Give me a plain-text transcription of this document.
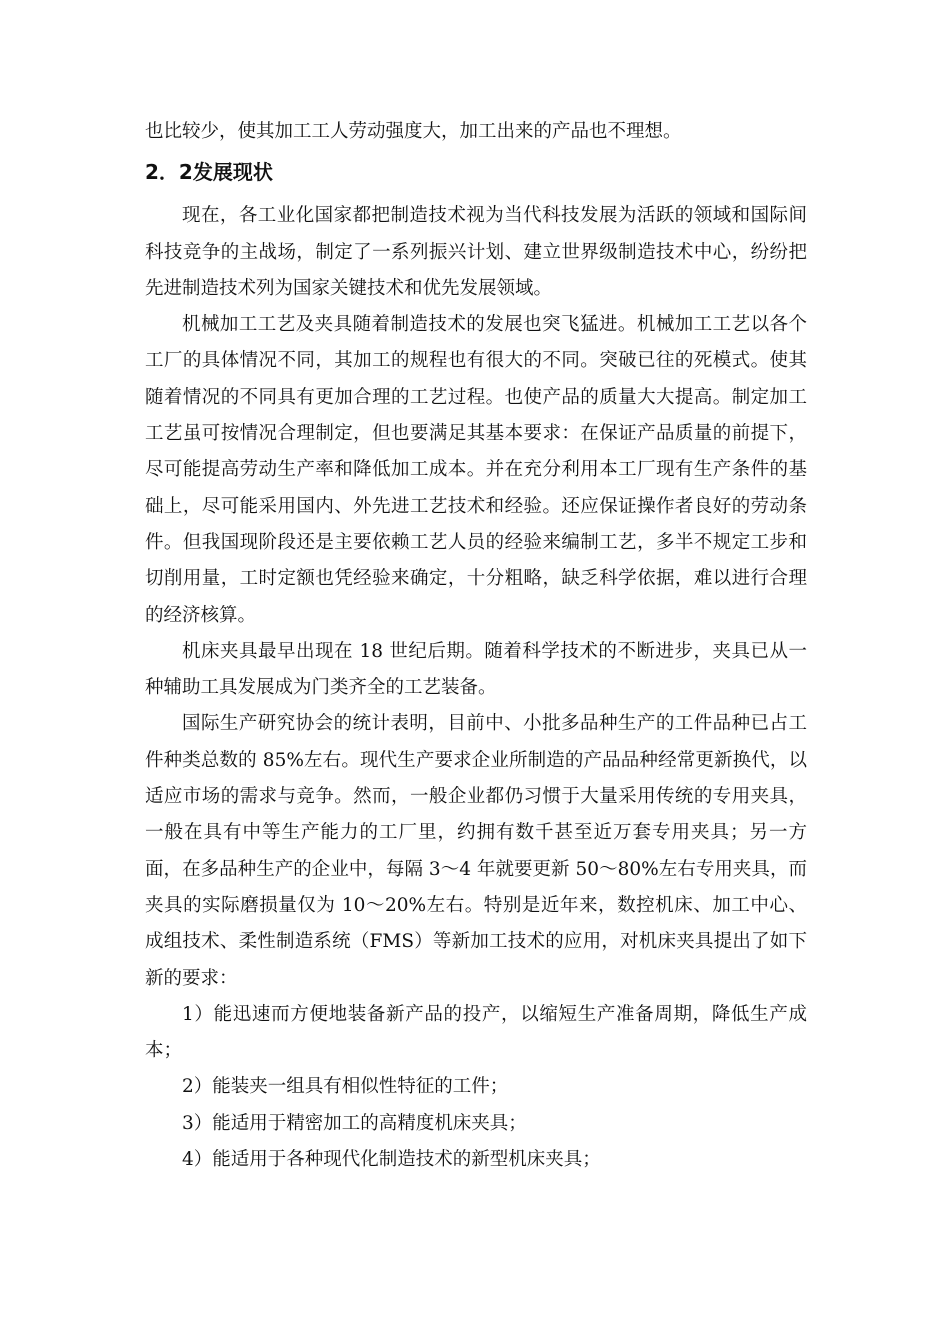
也比较少，使其加工工人劳动强度大，加工出来的产品也不理想。

2．2发展现状

现在，各工业化国家都把制造技术视为当代科技发展为活跃的领域和国际间科技竞争的主战场，制定了一系列振兴计划、建立世界级制造技术中心，纷纷把先进制造技术列为国家关键技术和优先发展领域。

机械加工工艺及夹具随着制造技术的发展也突飞猛进。机械加工工艺以各个工厂的具体情况不同，其加工的规程也有很大的不同。突破已往的死模式。使其随着情况的不同具有更加合理的工艺过程。也使产品的质量大大提高。制定加工工艺虽可按情况合理制定，但也要满足其基本要求：在保证产品质量的前提下，尽可能提高劳动生产率和降低加工成本。并在充分利用本工厂现有生产条件的基础上，尽可能采用国内、外先进工艺技术和经验。还应保证操作者良好的劳动条件。但我国现阶段还是主要依赖工艺人员的经验来编制工艺，多半不规定工步和切削用量，工时定额也凭经验来确定，十分粗略，缺乏科学依据，难以进行合理的经济核算。

机床夹具最早出现在 18 世纪后期。随着科学技术的不断进步，夹具已从一种辅助工具发展成为门类齐全的工艺装备。

国际生产研究协会的统计表明，目前中、小批多品种生产的工件品种已占工件种类总数的 85%左右。现代生产要求企业所制造的产品品种经常更新换代，以适应市场的需求与竞争。然而，一般企业都仍习惯于大量采用传统的专用夹具，一般在具有中等生产能力的工厂里，约拥有数千甚至近万套专用夹具；另一方面，在多品种生产的企业中，每隔 3～4 年就要更新 50～80%左右专用夹具，而夹具的实际磨损量仅为 10～20%左右。特别是近年来，数控机床、加工中心、成组技术、柔性制造系统（FMS）等新加工技术的应用，对机床夹具提出了如下新的要求：

1）能迅速而方便地装备新产品的投产，以缩短生产准备周期，降低生产成本；

2）能装夹一组具有相似性特征的工件；

3）能适用于精密加工的高精度机床夹具；

4）能适用于各种现代化制造技术的新型机床夹具；
